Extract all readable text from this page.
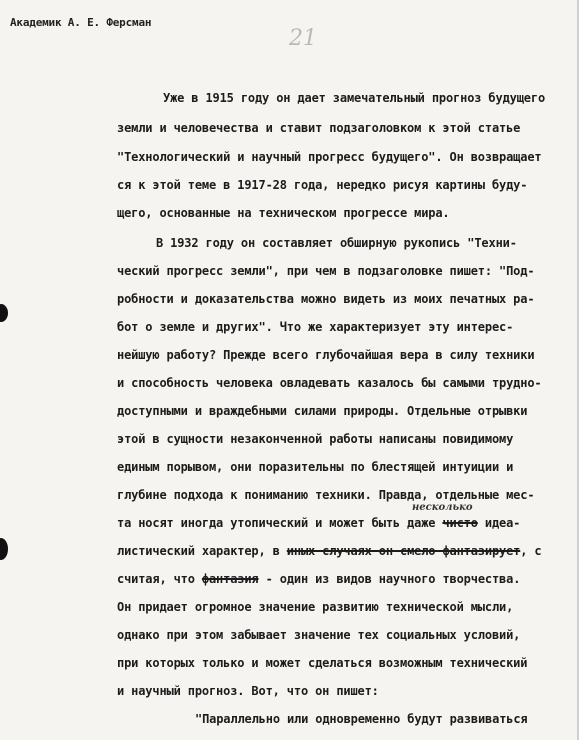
Академик А. Е. Ферсман
21
Уже в 1915 году он дает замечательный прогноз будущего
земли и человечества и ставит подзаголовком к этой статье
"Технологический и научный прогресс будущего". Он возвращает
ся к этой теме в 1917-28 года, нередко рисуя картины буду-
щего, основанные на техническом прогрессе мира.
В 1932 году он составляет обширную рукопись "Техни-
ческий прогресс земли", при чем в подзаголовке пишет: "Под-
робности и доказательства можно видеть из моих печатных ра-
бот о земле и других". Что же характеризует эту интерес-
нейшую работу? Прежде всего глубочайшая вера в силу техники
и способность человека овладевать казалось бы самыми трудно-
доступными и враждебными силами природы. Отдельные отрывки
этой в сущности незаконченной работы написаны повидимому
единым порывом, они поразительны по блестящей интуиции и
глубине подхода к пониманию техники. Правда, отдельные мес-
несколько
та носят иногда утопический и может быть даже чисто идеа-
листический характер, в иных случаях он смело фантазирует, с
считая, что фантазия - один из видов научного творчества.
Он придает огромное значение развитию технической мысли,
однако при этом забывает значение тех социальных условий,
при которых только и может сделаться возможным технический
и научный прогноз. Вот, что он пишет:
"Параллельно или одновременно будут развиваться
